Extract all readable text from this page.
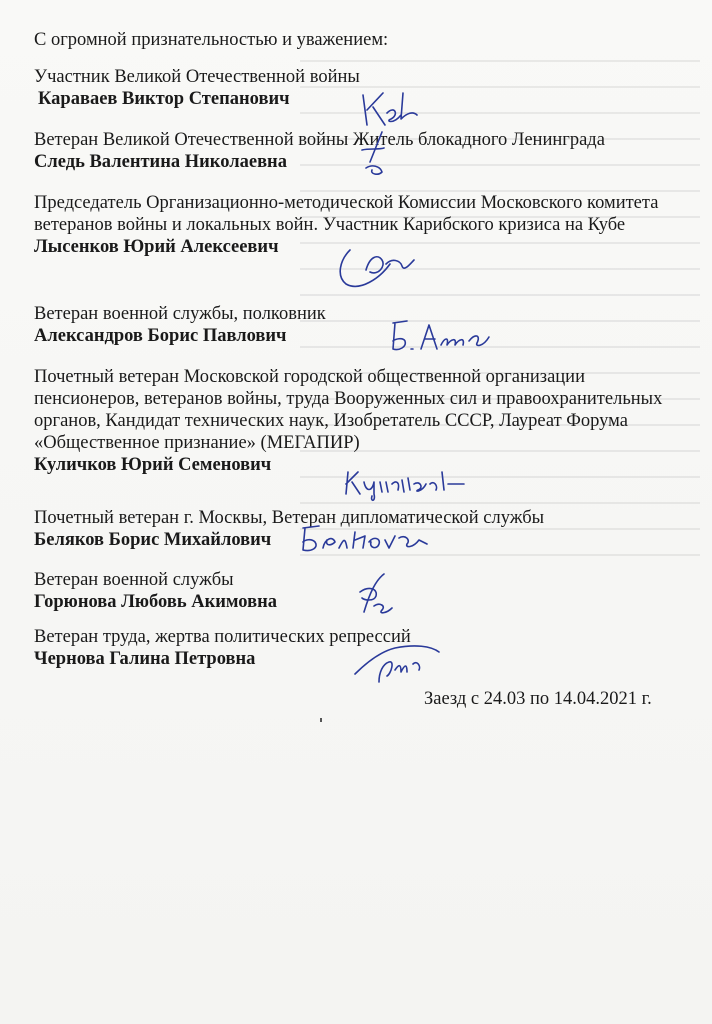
С огромной признательностью и уважением:
Участник Великой Отечественной войны
Караваев Виктор Степанович
Ветеран Великой Отечественной войны Житель блокадного Ленинграда
Следь Валентина Николаевна
Председатель Организационно-методической Комиссии Московского комитета ветеранов войны и локальных войн. Участник Карибского кризиса на Кубе
Лысенков Юрий Алексеевич
Ветеран военной службы, полковник
Александров Борис Павлович
Почетный ветеран Московской городской общественной организации пенсионеров, ветеранов войны, труда Вооруженных сил и правоохранительных органов, Кандидат технических наук, Изобретатель СССР, Лауреат Форума «Общественное признание» (МЕГАПИР)
Куличков Юрий Семенович
Почетный ветеран г. Москвы, Ветеран дипломатической службы
Беляков Борис Михайлович
Ветеран военной службы
Горюнова Любовь Акимовна
Ветеран труда, жертва политических репрессий
Чернова Галина Петровна
Заезд с 24.03 по 14.04.2021 г.
